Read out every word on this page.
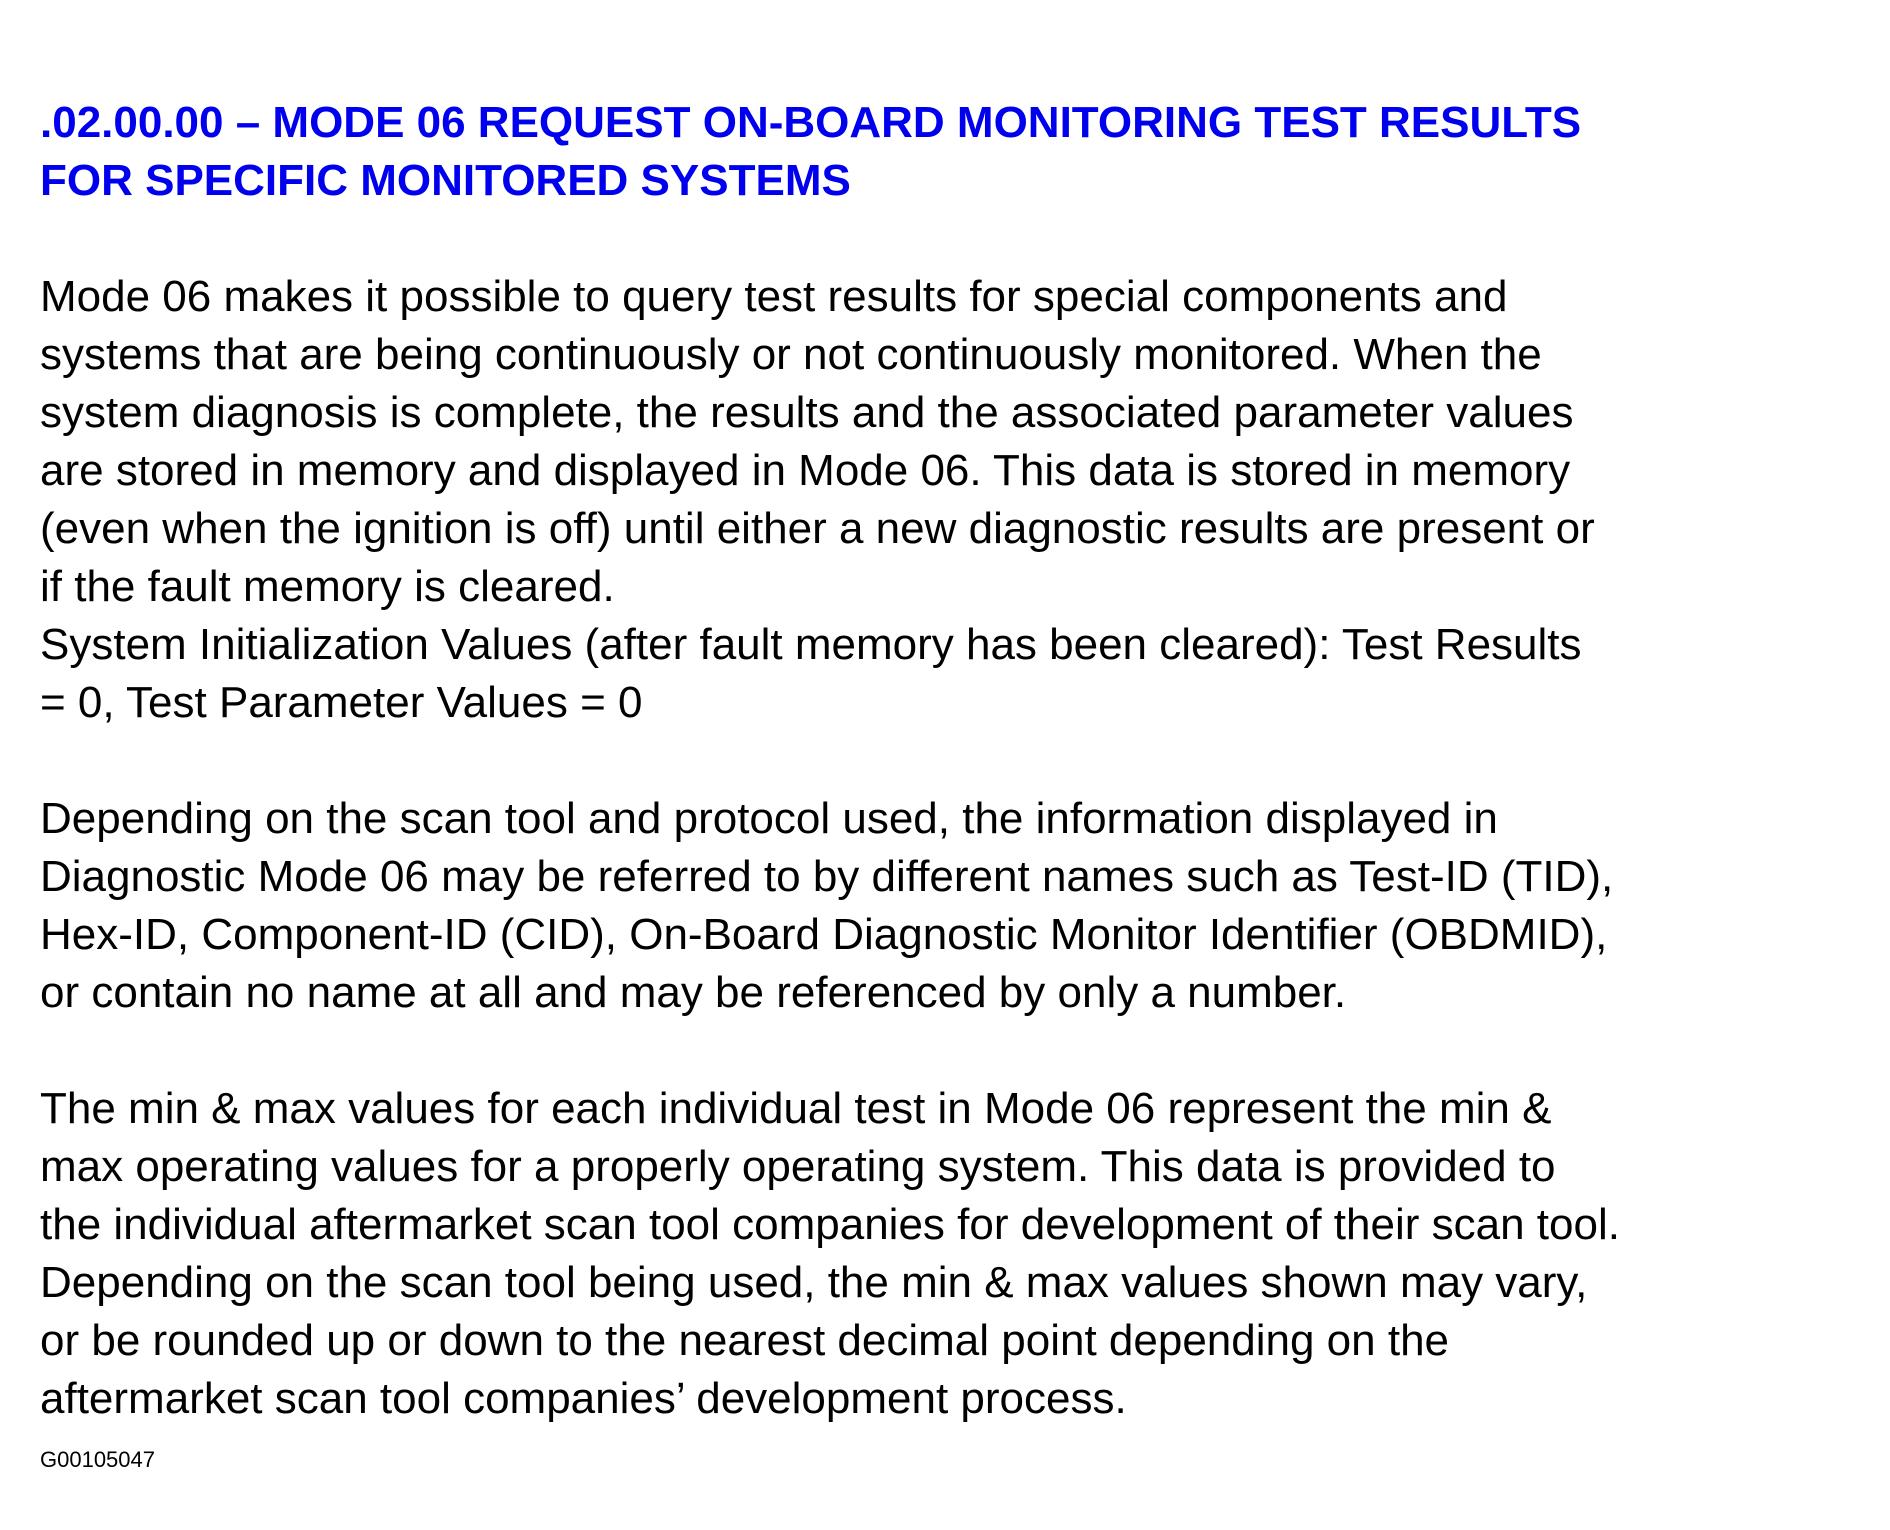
.02.00.00 – MODE 06 REQUEST ON-BOARD MONITORING TEST RESULTS
FOR SPECIFIC MONITORED SYSTEMS

Mode 06 makes it possible to query test results for special components and
systems that are being continuously or not continuously monitored. When the
system diagnosis is complete, the results and the associated parameter values
are stored in memory and displayed in Mode 06. This data is stored in memory
(even when the ignition is off) until either a new diagnostic results are present or
if the fault memory is cleared.
System Initialization Values (after fault memory has been cleared): Test Results
= 0, Test Parameter Values = 0

Depending on the scan tool and protocol used, the information displayed in
Diagnostic Mode 06 may be referred to by different names such as Test-ID (TID),
Hex-ID, Component-ID (CID), On-Board Diagnostic Monitor Identifier (OBDMID),
or contain no name at all and may be referenced by only a number.

The min & max values for each individual test in Mode 06 represent the min &
max operating values for a properly operating system. This data is provided to
the individual aftermarket scan tool companies for development of their scan tool.
Depending on the scan tool being used, the min & max values shown may vary,
or be rounded up or down to the nearest decimal point depending on the
aftermarket scan tool companies’ development process.

G00105047
